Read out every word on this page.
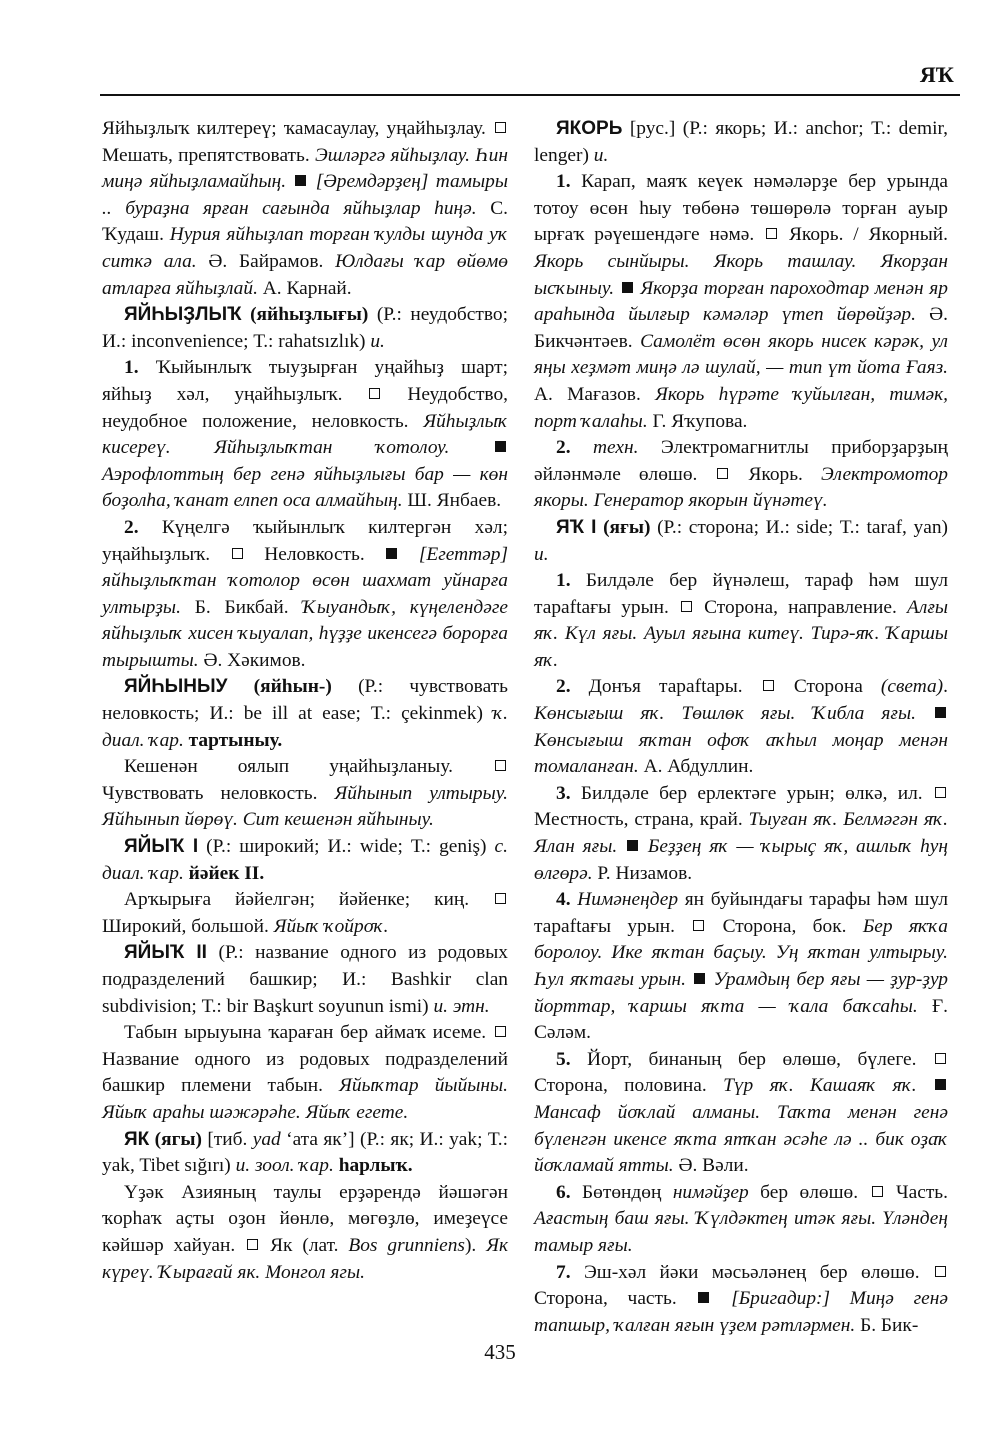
ЯҠ

Яйһыҙлыҡ килтереү; ҡамасаулау, уңайһыҙлау.  Мешать, препятствовать. Эшләргә яйһыҙлау. Һин миңә яйһыҙламайһың.  [Әремдәрҙең] тамыры .. бураҙна ярған сағында яйһыҙлар һиңә. С. Ҡудаш. Нурия яйһыҙлап торған ҡулды шунда уҡ ситкә ала. Ә. Байрамов. Юлдағы ҡар өйөмө атларға яйһыҙлай. А. Карнай.

ЯЙҺЫҘЛЫҠ (яйһыҙлығы) (Р.: неудобство; И.: inconvenience; Т.: rahatsızlık) и.

1. Ҡыйынлыҡ тыуҙырған уңайһыҙ шарт; яйһыҙ хәл, уңайһыҙлыҡ.  Неудобство, неудобное положение, неловкость. Яйһыҙлыҡ кисереү. Яйһыҙлыҡтан ҡотолоу.  Аэрофлоттың бер генә яйһыҙлығы бар — көн боҙолһа, ҡанат елпеп оса алмайһың. Ш. Янбаев.

2. Күңелгә ҡыйынлыҡ килтергән хәл; уңайһыҙлыҡ.  Неловкость.  [Егеттәр] яйһыҙлыҡтан ҡотолор өсөн шахмат уйнарға ултырҙы. Б. Бикбай. Ҡыуандыҡ, күңелендәге яйһыҙлыҡ хисен ҡыуалап, һүҙҙе икенсегә борорға тырышты. Ә. Хәкимов.

ЯЙҺЫНЫУ (яйһын-) (Р.: чувствовать неловкость; И.: be ill at ease; Т.: çekinmek) ҡ. диал. ҡар. тартыныу.

Кешенән оялып уңайһыҙланыу.  Чувствовать неловкость. Яйһынып ултырыу. Яйһынып йөрөү. Сит кешенән яйһыныу.

ЯЙЫҠ I (Р.: широкий; И.: wide; Т.: geniş) с. диал. ҡар. йәйек II.

Арҡырыға йәйелгән; йәйенке; киң.  Широкий, большой. Яйыҡ ҡойроҡ.

ЯЙЫҠ II (Р.: название одного из родовых подразделений башкир; И.: Bashkir clan subdivision; Т.: bir Başkurt soyunun ismi) и. этн.

Табын ырыуына ҡараған бер аймаҡ исеме.  Название одного из родовых подразделений башкир племени табын. Яйыҡтар йыйыны. Яйыҡ араһы шәжәрәһе. Яйыҡ егете.

ЯК (ягы) [тиб. yad ‘ата як’] (Р.: як; И.: yak; Т.: yak, Tibet sığırı) и. зоол. ҡар. һарлыҡ.

Үҙәк Азияның таулы ерҙәрендә йәшәгән ҡорһаҡ аҫты оҙон йөнлө, мөгөҙлө, имеҙеүсе кәйшәр хайуан.  Як (лат. Bos grunniens). Як күреү. Ҡырағай як. Монгол ягы.

ЯКОРЬ [рус.] (Р.: якорь; И.: anchor; Т.: demir, lenger) и.

1. Карап, маяҡ кеүек нәмәләрҙе бер урында тотоу өсөн һыу төбөнә төшөрөлә торған ауыр ырғаҡ рәүешендәге нәмә.  Якорь. / Якорный. Якорь сынйыры. Якорь ташлау. Якорҙан ысҡыныу.  Якорҙа торған пароходтар менән яр араһында йылғыр кәмәләр үтеп йөрөйҙәр. Ә. Бикчәнтәев. Самолёт өсөн якорь нисек кәрәк, ул яңы хеҙмәт миңә лә шулай, — тип үт йота Ғаяз. А. Мағазов. Якорь һүрәте ҡуйылған, тимәк, порт ҡалаһы. Г. Яҡупова.

2. техн. Электромагнитлы приборҙарҙың әйләнмәле өлөшө.  Якорь. Электромотор якоры. Генератор якорын йүнәтеү.

ЯҠ I (яғы) (Р.: сторона; И.: side; Т.: taraf, yan) и.

1. Билдәле бер йүнәлеш, тараф һәм шул тараftағы урын.  Сторона, направление. Алғы яҡ. Күл яғы. Ауыл яғына китеү. Тирә-яҡ. Ҡаршы яҡ.

2. Донъя тараftары.  Сторона (света). Көнсығыш яҡ. Төшлөк яғы. Ҡибла яғы.  Көнсығыш яҡтан офоҡ аҡһыл моңар менән томаланған. А. Абдуллин.

3. Билдәле бер ерлектәге урын; өлкә, ил.  Местность, страна, край. Тыуған яҡ. Белмәгән яҡ. Ялан яғы.  Беҙҙең яҡ — ҡырыҫ яҡ, ашлыҡ һуң өлгөрә. Р. Низамов.

4. Нимәнеңдер ян буйындағы тарафы һәм шул тараftағы урын.  Сторона, бок. Бер яҡҡа боролоу. Ике яҡтан баҫыу. Уң яҡтан ултырыу. Һул яҡтағы урын.  Урамдың бер яғы — ҙур-ҙур йорттар, ҡаршы яҡта — ҡала баҡсаһы. Ғ. Сәләм.

5. Йорт, бинаның бер өлөшө, бүлеге.  Сторона, половина. Түр яҡ. Кашаяҡ яҡ.  Мансаф йоҡлай алманы. Таҡта менән генә бүленгән икенсе яҡта ятҡан әсәһе лә .. бик оҙаҡ йоҡламай ятты. Ә. Вәли.

6. Бөтөндөң нимәйҙер бер өлөшө.  Часть. Ағастың баш яғы. Ҡүлдәктең итәк яғы. Үләндең тамыр яғы.

7. Эш-хәл йәки мәсьәләнең бер өлөшө.  Сторона, часть.  [Бригадир:] Миңә генә тапшыр, ҡалған яғын үҙем рәтләрмен. Б. Бик-

435
